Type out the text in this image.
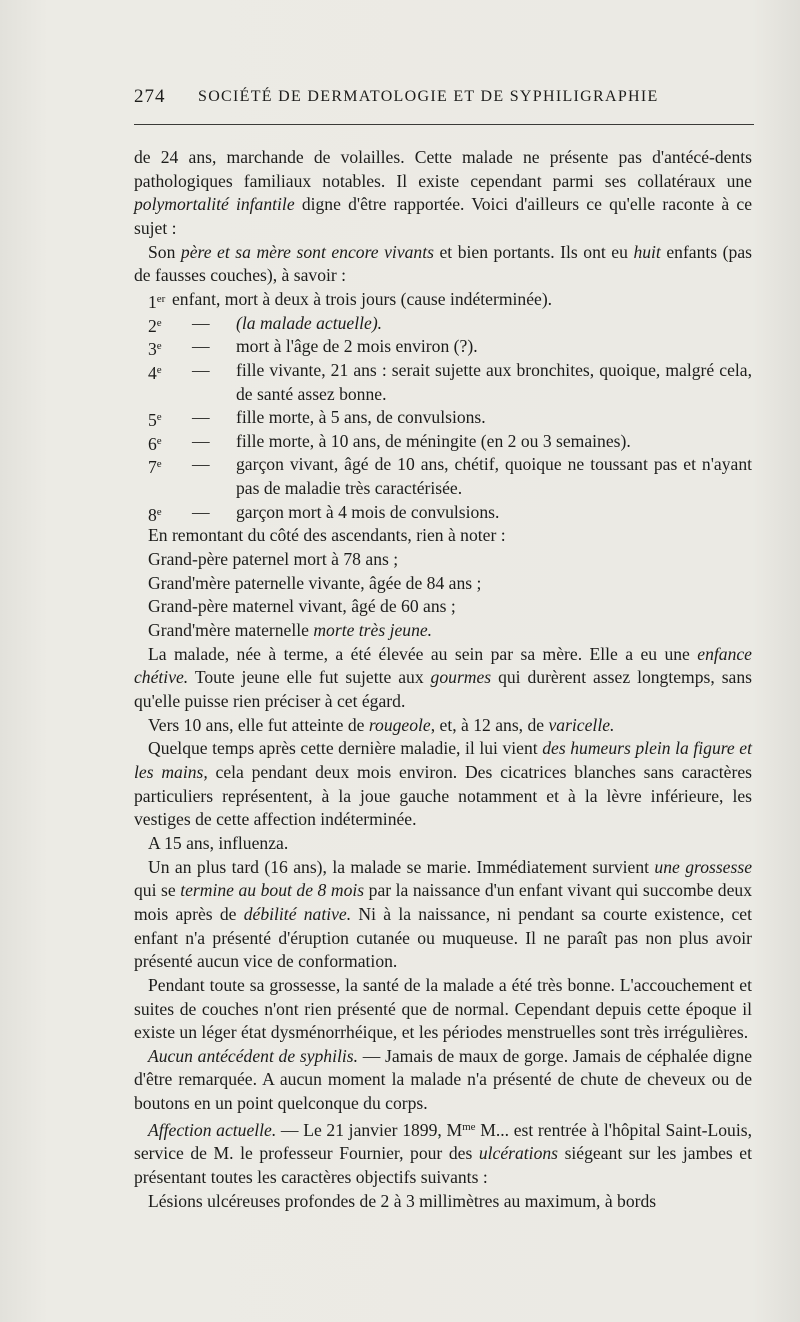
274 SOCIÉTÉ DE DERMATOLOGIE ET DE SYPHILIGRAPHIE

de 24 ans, marchande de volailles. Cette malade ne présente pas d'antécé-dents pathologiques familiaux notables. Il existe cependant parmi ses collatéraux une polymortalité infantile digne d'être rapportée. Voici d'ailleurs ce qu'elle raconte à ce sujet :

Son père et sa mère sont encore vivants et bien portants. Ils ont eu huit enfants (pas de fausses couches), à savoir :

1er enfant, mort à deux à trois jours (cause indéterminée).
2e — (la malade actuelle).
3e — mort à l'âge de 2 mois environ (?).
4e — fille vivante, 21 ans : serait sujette aux bronchites, quoique, malgré cela, de santé assez bonne.
5e — fille morte, à 5 ans, de convulsions.
6e — fille morte, à 10 ans, de méningite (en 2 ou 3 semaines).
7e — garçon vivant, âgé de 10 ans, chétif, quoique ne toussant pas et n'ayant pas de maladie très caractérisée.
8e — garçon mort à 4 mois de convulsions.

En remontant du côté des ascendants, rien à noter :

Grand-père paternel mort à 78 ans ;

Grand'mère paternelle vivante, âgée de 84 ans ;

Grand-père maternel vivant, âgé de 60 ans ;

Grand'mère maternelle morte très jeune.

La malade, née à terme, a été élevée au sein par sa mère. Elle a eu une enfance chétive. Toute jeune elle fut sujette aux gourmes qui durèrent assez longtemps, sans qu'elle puisse rien préciser à cet égard.

Vers 10 ans, elle fut atteinte de rougeole, et, à 12 ans, de varicelle.

Quelque temps après cette dernière maladie, il lui vient des humeurs plein la figure et les mains, cela pendant deux mois environ. Des cicatrices blanches sans caractères particuliers représentent, à la joue gauche notamment et à la lèvre inférieure, les vestiges de cette affection indéterminée.

A 15 ans, influenza.

Un an plus tard (16 ans), la malade se marie. Immédiatement survient une grossesse qui se termine au bout de 8 mois par la naissance d'un enfant vivant qui succombe deux mois après de débilité native. Ni à la naissance, ni pendant sa courte existence, cet enfant n'a présenté d'éruption cutanée ou muqueuse. Il ne paraît pas non plus avoir présenté aucun vice de conformation.

Pendant toute sa grossesse, la santé de la malade a été très bonne. L'accouchement et suites de couches n'ont rien présenté que de normal. Cependant depuis cette époque il existe un léger état dysménorrhéique, et les périodes menstruelles sont très irrégulières.

Aucun antécédent de syphilis. — Jamais de maux de gorge. Jamais de céphalée digne d'être remarquée. A aucun moment la malade n'a présenté de chute de cheveux ou de boutons en un point quelconque du corps.

Affection actuelle. — Le 21 janvier 1899, $M^{me}$ M... est rentrée à l'hôpital Saint-Louis, service de M. le professeur Fournier, pour des ulcérations siégeant sur les jambes et présentant toutes les caractères objectifs suivants :

Lésions ulcéreuses profondes de 2 à 3 millimètres au maximum, à bords
